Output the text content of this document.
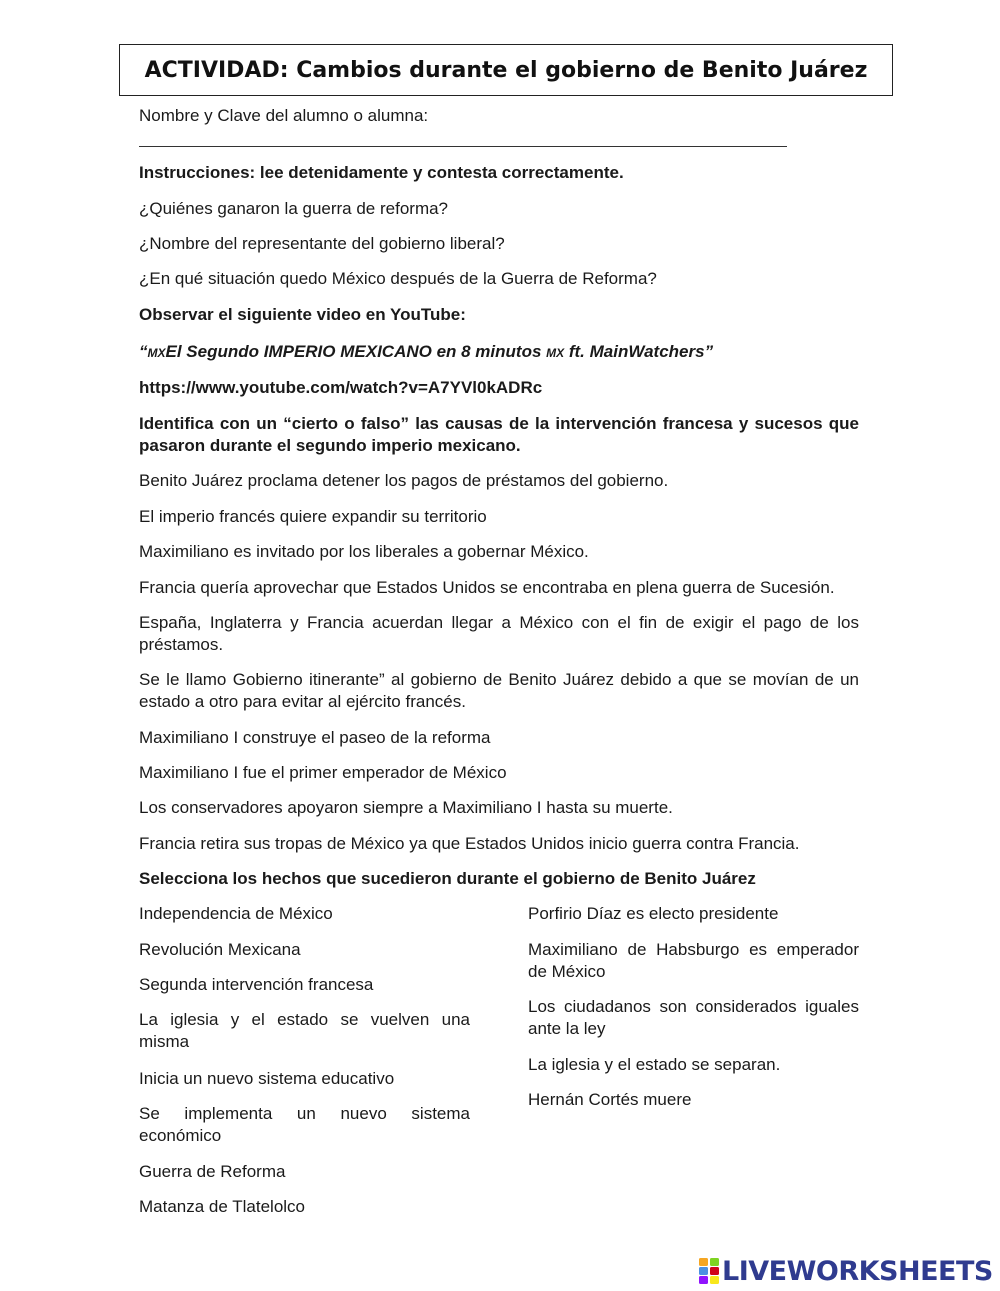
ACTIVIDAD: Cambios durante el gobierno de Benito Juárez
Nombre y Clave del alumno o alumna:
Instrucciones: lee detenidamente y contesta correctamente.
¿Quiénes ganaron la guerra de reforma?
¿Nombre del representante del gobierno liberal?
¿En qué situación quedo México después de la Guerra de Reforma?
Observar el siguiente video en YouTube:
“MXEl Segundo IMPERIO MEXICANO en 8 minutos MX ft. MainWatchers”
https://www.youtube.com/watch?v=A7YVl0kADRc
Identifica con un “cierto o falso” las causas de la intervención francesa y sucesos que pasaron durante el segundo imperio mexicano.
Benito Juárez proclama detener los pagos de préstamos del gobierno.
El imperio francés quiere expandir su territorio
Maximiliano es invitado por los liberales a gobernar México.
Francia quería aprovechar que Estados Unidos se encontraba en plena guerra de Sucesión.
España, Inglaterra y Francia acuerdan llegar a México con el fin de exigir el pago de los préstamos.
Se le llamo Gobierno itinerante” al gobierno de Benito Juárez debido a que se movían de un estado a otro para evitar al ejército francés.
Maximiliano I construye el paseo de la reforma
Maximiliano I fue el primer emperador de México
Los conservadores apoyaron siempre a Maximiliano I hasta su muerte.
Francia retira sus tropas de México ya que Estados Unidos inicio guerra contra Francia.
Selecciona los hechos que sucedieron durante el gobierno de Benito Juárez
Independencia de México
Revolución Mexicana
Segunda intervención francesa
La iglesia y el estado se vuelven una misma
Inicia un nuevo sistema educativo
Se implementa un nuevo sistema económico
Guerra de Reforma
Matanza de Tlatelolco
Porfirio Díaz es electo presidente
Maximiliano de Habsburgo es emperador de México
Los ciudadanos son considerados iguales ante la ley
La iglesia y el estado se separan.
Hernán Cortés muere
LIVEWORKSHEETS
